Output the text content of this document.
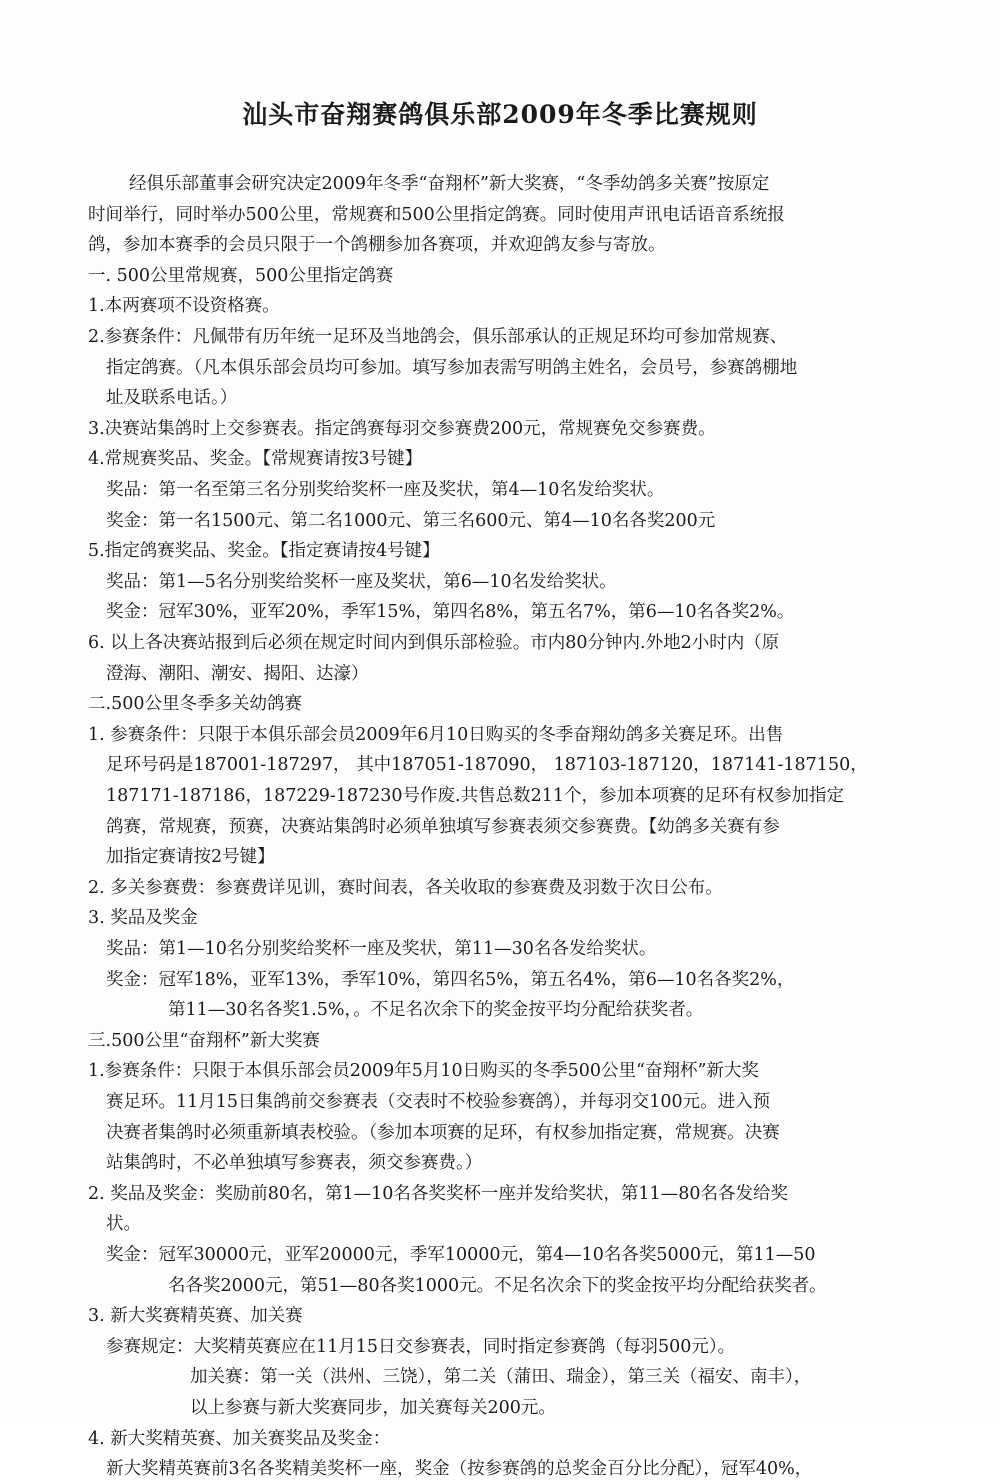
汕头市奋翔赛鸽俱乐部2009年冬季比赛规则
经俱乐部董事会研究决定2009年冬季“奋翔杯”新大奖赛，“冬季幼鸽多关赛”按原定
时间举行，同时举办500公里，常规赛和500公里指定鸽赛。同时使用声讯电话语音系统报
鸽，参加本赛季的会员只限于一个鸽棚参加各赛项，并欢迎鸽友参与寄放。
一. 500公里常规赛，500公里指定鸽赛
1.本两赛项不设资格赛。
2.参赛条件：凡佩带有历年统一足环及当地鸽会，俱乐部承认的正规足环均可参加常规赛、
指定鸽赛。（凡本俱乐部会员均可参加。填写参加表需写明鸽主姓名，会员号，参赛鸽棚地
址及联系电话。）
3.决赛站集鸽时上交参赛表。指定鸽赛每羽交参赛费200元，常规赛免交参赛费。
4.常规赛奖品、奖金。【常规赛请按3号键】
奖品：第一名至第三名分别奖给奖杯一座及奖状，第4—10名发给奖状。
奖金：第一名1500元、第二名1000元、第三名600元、第4—10名各奖200元
5.指定鸽赛奖品、奖金。【指定赛请按4号键】
奖品：第1—5名分别奖给奖杯一座及奖状，第6—10名发给奖状。
奖金：冠军30%，亚军20%，季军15%，第四名8%，第五名7%，第6—10名各奖2%。
6. 以上各决赛站报到后必须在规定时间内到俱乐部检验。市内80分钟内.外地2小时内（原
澄海、潮阳、潮安、揭阳、达濠）
二.500公里冬季多关幼鸽赛
1. 参赛条件：只限于本俱乐部会员2009年6月10日购买的冬季奋翔幼鸽多关赛足环。出售
足环号码是187001-187297， 其中187051-187090， 187103-187120，187141-187150，
187171-187186，187229-187230号作废.共售总数211个，参加本项赛的足环有权参加指定
鸽赛，常规赛，预赛，决赛站集鸽时必须单独填写参赛表须交参赛费。【幼鸽多关赛有参
加指定赛请按2号键】
2. 多关参赛费：参赛费详见训，赛时间表，各关收取的参赛费及羽数于次日公布。
3. 奖品及奖金
奖品：第1—10名分别奖给奖杯一座及奖状，第11—30名各发给奖状。
奖金：冠军18%，亚军13%，季军10%，第四名5%，第五名4%，第6—10名各奖2%，
第11—30名各奖1.5%，。不足名次余下的奖金按平均分配给获奖者。
三.500公里“奋翔杯”新大奖赛
1.参赛条件：只限于本俱乐部会员2009年5月10日购买的冬季500公里“奋翔杯”新大奖
赛足环。11月15日集鸽前交参赛表（交表时不校验参赛鸽），并每羽交100元。进入预
决赛者集鸽时必须重新填表校验。（参加本项赛的足环，有权参加指定赛，常规赛。决赛
站集鸽时，不必单独填写参赛表，须交参赛费。）
2. 奖品及奖金：奖励前80名，第1—10名各奖奖杯一座并发给奖状，第11—80名各发给奖
状。
奖金：冠军30000元，亚军20000元，季军10000元，第4—10名各奖5000元，第11—50
名各奖2000元，第51—80各奖1000元。不足名次余下的奖金按平均分配给获奖者。
3. 新大奖赛精英赛、加关赛
参赛规定：大奖精英赛应在11月15日交参赛表，同时指定参赛鸽（每羽500元）。
加关赛：第一关（洪州、三饶），第二关（蒲田、瑞金），第三关（福安、南丰），
以上参赛与新大奖赛同步，加关赛每关200元。
4. 新大奖精英赛、加关赛奖品及奖金：
新大奖精英赛前3名各奖精美奖杯一座，奖金（按参赛鸽的总奖金百分比分配），冠军40%，
